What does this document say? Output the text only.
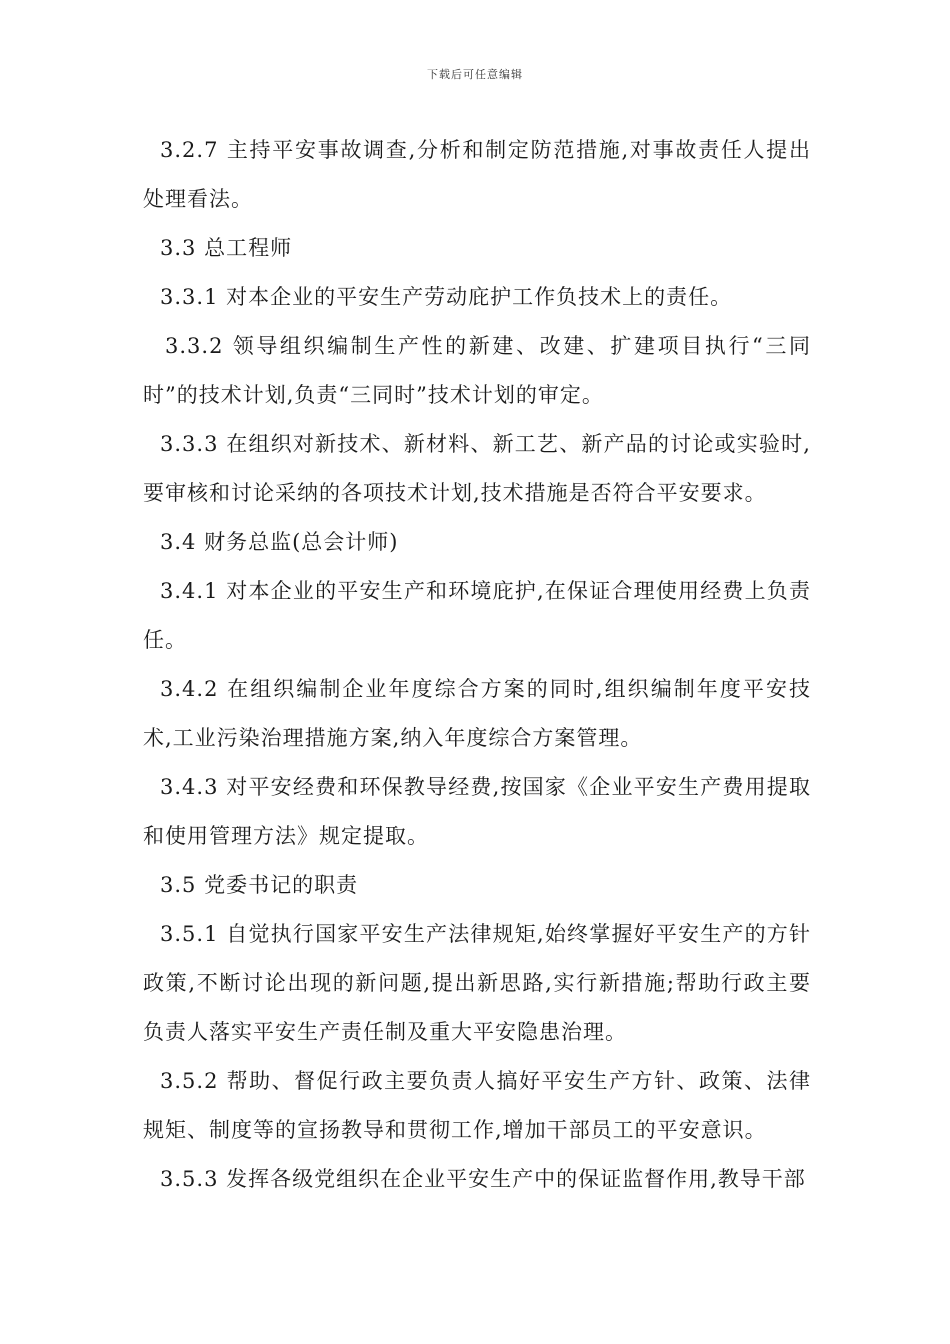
下载后可任意编辑

3.2.7 主持平安事故调查,分析和制定防范措施,对事故责任人提出处理看法。

3.3 总工程师

3.3.1 对本企业的平安生产劳动庇护工作负技术上的责任。

3.3.2 领导组织编制生产性的新建、改建、扩建项目执行“三同时”的技术计划,负责“三同时”技术计划的审定。

3.3.3 在组织对新技术、新材料、新工艺、新产品的讨论或实验时,要审核和讨论采纳的各项技术计划,技术措施是否符合平安要求。

3.4 财务总监(总会计师)

3.4.1 对本企业的平安生产和环境庇护,在保证合理使用经费上负责任。

3.4.2 在组织编制企业年度综合方案的同时,组织编制年度平安技术,工业污染治理措施方案,纳入年度综合方案管理。

3.4.3 对平安经费和环保教导经费,按国家《企业平安生产费用提取和使用管理方法》规定提取。

3.5 党委书记的职责

3.5.1 自觉执行国家平安生产法律规矩,始终掌握好平安生产的方针政策,不断讨论出现的新问题,提出新思路,实行新措施;帮助行政主要负责人落实平安生产责任制及重大平安隐患治理。

3.5.2 帮助、督促行政主要负责人搞好平安生产方针、政策、法律规矩、制度等的宣扬教导和贯彻工作,增加干部员工的平安意识。

3.5.3 发挥各级党组织在企业平安生产中的保证监督作用,教导干部
